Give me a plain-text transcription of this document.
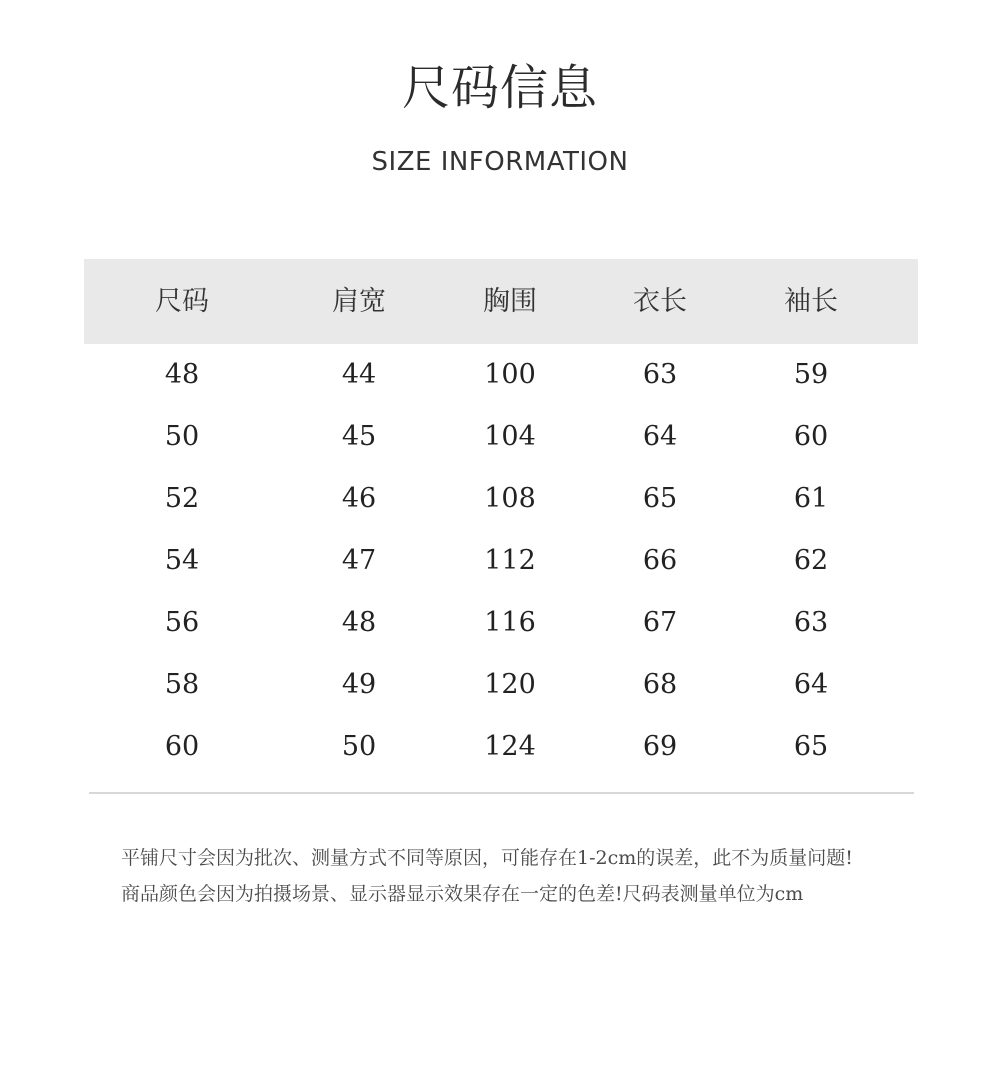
尺码信息
SIZE INFORMATION
尺码	肩宽	胸围	衣长	袖长
48	44	100	63	59
50	45	104	64	60
52	46	108	65	61
54	47	112	66	62
56	48	116	67	63
58	49	120	68	64
60	50	124	69	65
平铺尺寸会因为批次、测量方式不同等原因，可能存在1-2cm的误差，此不为质量问题!
商品颜色会因为拍摄场景、显示器显示效果存在一定的色差!尺码表测量单位为cm
